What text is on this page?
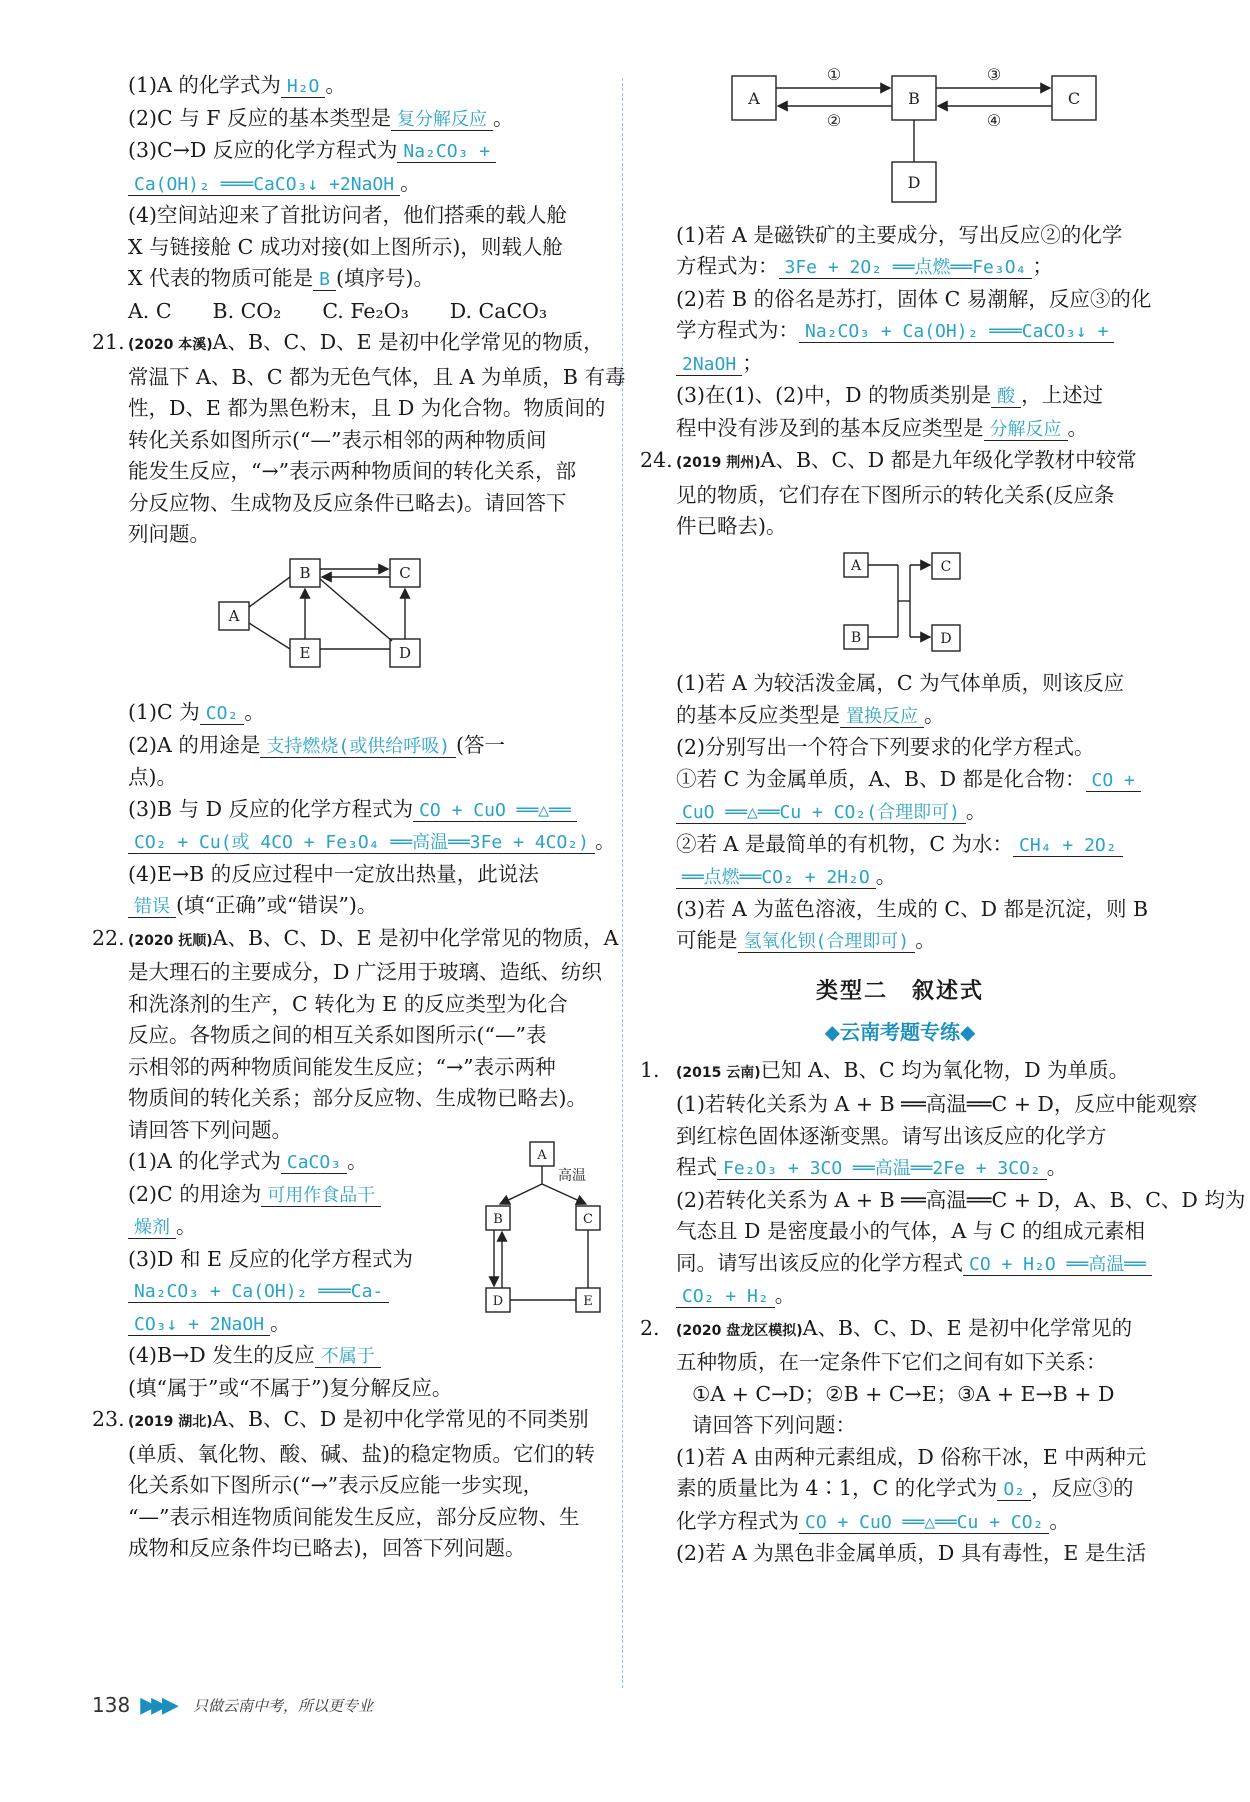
(1)A 的化学式为 H₂O 。
(2)C 与 F 反应的基本类型是 复分解反应 。
(3)C→D 反应的化学方程式为 Na₂CO₃ +
Ca(OH)₂ ═══CaCO₃↓ +2NaOH 。
(4)空间站迎来了首批访问者，他们搭乘的载人舱
X 与链接舱 C 成功对接(如上图所示)，则载人舱
X 代表的物质可能是 B (填序号)。
A. C　　B. CO₂　　C. Fe₂O₃　　D. CaCO₃
21. (2020 本溪)A、B、C、D、E 是初中化学常见的物质，
常温下 A、B、C 都为无色气体，且 A 为单质，B 有毒
性，D、E 都为黑色粉末，且 D 为化合物。物质间的
转化关系如图所示(“—”表示相邻的两种物质间
能发生反应，“→”表示两种物质间的转化关系，部
分反应物、生成物及反应条件已略去)。请回答下
列问题。
A
B	C
E	D
(1)C 为 CO₂ 。
(2)A 的用途是 支持燃烧(或供给呼吸) (答一
点)。
(3)B 与 D 反应的化学方程式为 CO + CuO ══△══
CO₂ + Cu(或 4CO + Fe₃O₄ ══高温══3Fe + 4CO₂) 。
(4)E→B 的反应过程中一定放出热量，此说法
错误 (填“正确”或“错误”)。
22. (2020 抚顺)A、B、C、D、E 是初中化学常见的物质，A
是大理石的主要成分，D 广泛用于玻璃、造纸、纺织
和洗涤剂的生产，C 转化为 E 的反应类型为化合
反应。各物质之间的相互关系如图所示(“—”表
示相邻的两种物质间能发生反应；“→”表示两种
物质间的转化关系；部分反应物、生成物已略去)。
请回答下列问题。
(1)A 的化学式为 CaCO₃ 。
(2)C 的用途为 可用作食品干
燥剂 。
(3)D 和 E 反应的化学方程式为
Na₂CO₃ + Ca(OH)₂ ═══Ca-
CO₃↓ + 2NaOH 。
(4)B→D 发生的反应 不属于
(填“属于”或“不属于”)复分解反应。
A
B	C
D	E
高温
23. (2019 湖北)A、B、C、D 是初中化学常见的不同类别
(单质、氧化物、酸、碱、盐)的稳定物质。它们的转
化关系如下图所示(“→”表示反应能一步实现，
“—”表示相连物质间能发生反应，部分反应物、生
成物和反应条件均已略去)，回答下列问题。
A	B	C
D
①
②
③
④
(1)若 A 是磁铁矿的主要成分，写出反应②的化学
方程式为： 3Fe + 2O₂ ══点燃══Fe₃O₄ ；
(2)若 B 的俗名是苏打，固体 C 易潮解，反应③的化
学方程式为： Na₂CO₃ + Ca(OH)₂ ═══CaCO₃↓ +
2NaOH ；
(3)在(1)、(2)中，D 的物质类别是 酸 ，上述过
程中没有涉及到的基本反应类型是 分解反应 。
24. (2019 荆州)A、B、C、D 都是九年级化学教材中较常
见的物质，它们存在下图所示的转化关系(反应条
件已略去)。
A	C
B	D
(1)若 A 为较活泼金属，C 为气体单质，则该反应
的基本反应类型是 置换反应 。
(2)分别写出一个符合下列要求的化学方程式。
①若 C 为金属单质，A、B、D 都是化合物： CO +
CuO ══△══Cu + CO₂(合理即可) 。
②若 A 是最简单的有机物，C 为水： CH₄ + 2O₂
══点燃══CO₂ + 2H₂O 。
(3)若 A 为蓝色溶液，生成的 C、D 都是沉淀，则 B
可能是 氢氧化钡(合理即可) 。
类型二　叙述式
◆云南考题专练◆
1. (2015 云南)已知 A、B、C 均为氧化物，D 为单质。
(1)若转化关系为 A + B ══高温══C + D，反应中能观察
到红棕色固体逐渐变黑。请写出该反应的化学方
程式 Fe₂O₃ + 3CO ══高温══2Fe + 3CO₂ 。
(2)若转化关系为 A + B ══高温══C + D，A、B、C、D 均为
气态且 D 是密度最小的气体，A 与 C 的组成元素相
同。请写出该反应的化学方程式 CO + H₂O ══高温══
CO₂ + H₂ 。
2. (2020 盘龙区模拟)A、B、C、D、E 是初中化学常见的
五种物质，在一定条件下它们之间有如下关系：
①A + C→D；②B + C→E；③A + E→B + D
请回答下列问题：
(1)若 A 由两种元素组成，D 俗称干冰，E 中两种元
素的质量比为 4∶1，C 的化学式为 O₂ ，反应③的
化学方程式为 CO + CuO ══△══Cu + CO₂ 。
(2)若 A 为黑色非金属单质，D 具有毒性，E 是生活
138 ▶▶▶ 只做云南中考，所以更专业
